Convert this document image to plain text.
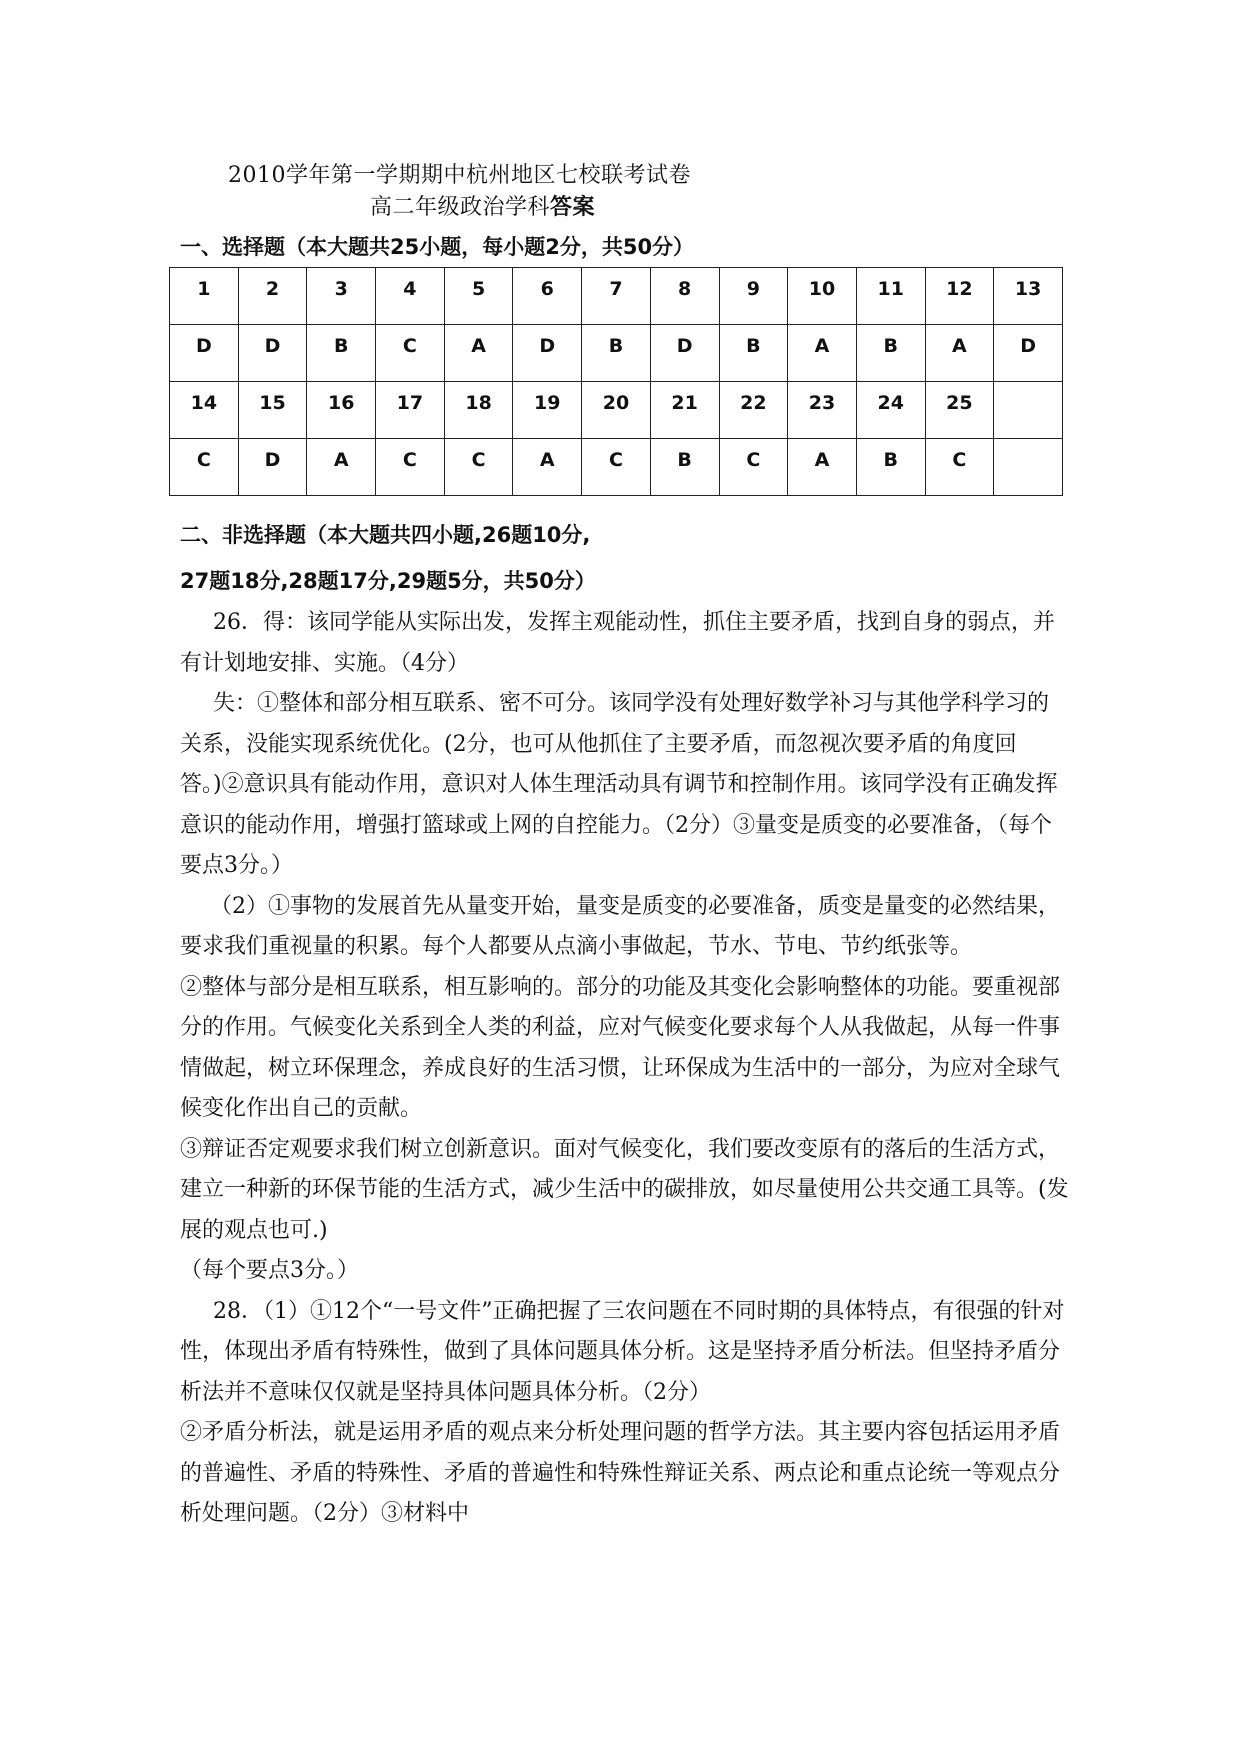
2010学年第一学期期中杭州地区七校联考试卷
高二年级政治学科答案
一、选择题（本大题共25小题，每小题2分，共50分）
1	2	3	4	5	6	7	8	9	10	11	12	13
D	D	B	C	A	D	B	D	B	A	B	A	D
14	15	16	17	18	19	20	21	22	23	24	25	
C	D	A	C	C	A	C	B	C	A	B	C	
二、非选择题（本大题共四小题,26题10分,
27题18分,28题17分,29题5分，共50分）

26．得：该同学能从实际出发，发挥主观能动性，抓住主要矛盾，找到自身的弱点，并有计划地安排、实施。（4分）

失：①整体和部分相互联系、密不可分。该同学没有处理好数学补习与其他学科学习的关系，没能实现系统优化。(2分，也可从他抓住了主要矛盾，而忽视次要矛盾的角度回答。)②意识具有能动作用，意识对人体生理活动具有调节和控制作用。该同学没有正确发挥意识的能动作用，增强打篮球或上网的自控能力。（2分）③量变是质变的必要准备，（每个要点3分。）

（2）①事物的发展首先从量变开始，量变是质变的必要准备，质变是量变的必然结果，要求我们重视量的积累。每个人都要从点滴小事做起，节水、节电、节约纸张等。

②整体与部分是相互联系，相互影响的。部分的功能及其变化会影响整体的功能。要重视部分的作用。气候变化关系到全人类的利益，应对气候变化要求每个人从我做起，从每一件事情做起，树立环保理念，养成良好的生活习惯，让环保成为生活中的一部分，为应对全球气候变化作出自己的贡献。

③辩证否定观要求我们树立创新意识。面对气候变化，我们要改变原有的落后的生活方式，建立一种新的环保节能的生活方式，减少生活中的碳排放，如尽量使用公共交通工具等。(发展的观点也可.)

（每个要点3分。）

28．（1）①12个“一号文件”正确把握了三农问题在不同时期的具体特点，有很强的针对性，体现出矛盾有特殊性，做到了具体问题具体分析。这是坚持矛盾分析法。但坚持矛盾分析法并不意味仅仅就是坚持具体问题具体分析。（2分）

②矛盾分析法，就是运用矛盾的观点来分析处理问题的哲学方法。其主要内容包括运用矛盾的普遍性、矛盾的特殊性、矛盾的普遍性和特殊性辩证关系、两点论和重点论统一等观点分析处理问题。（2分）③材料中
